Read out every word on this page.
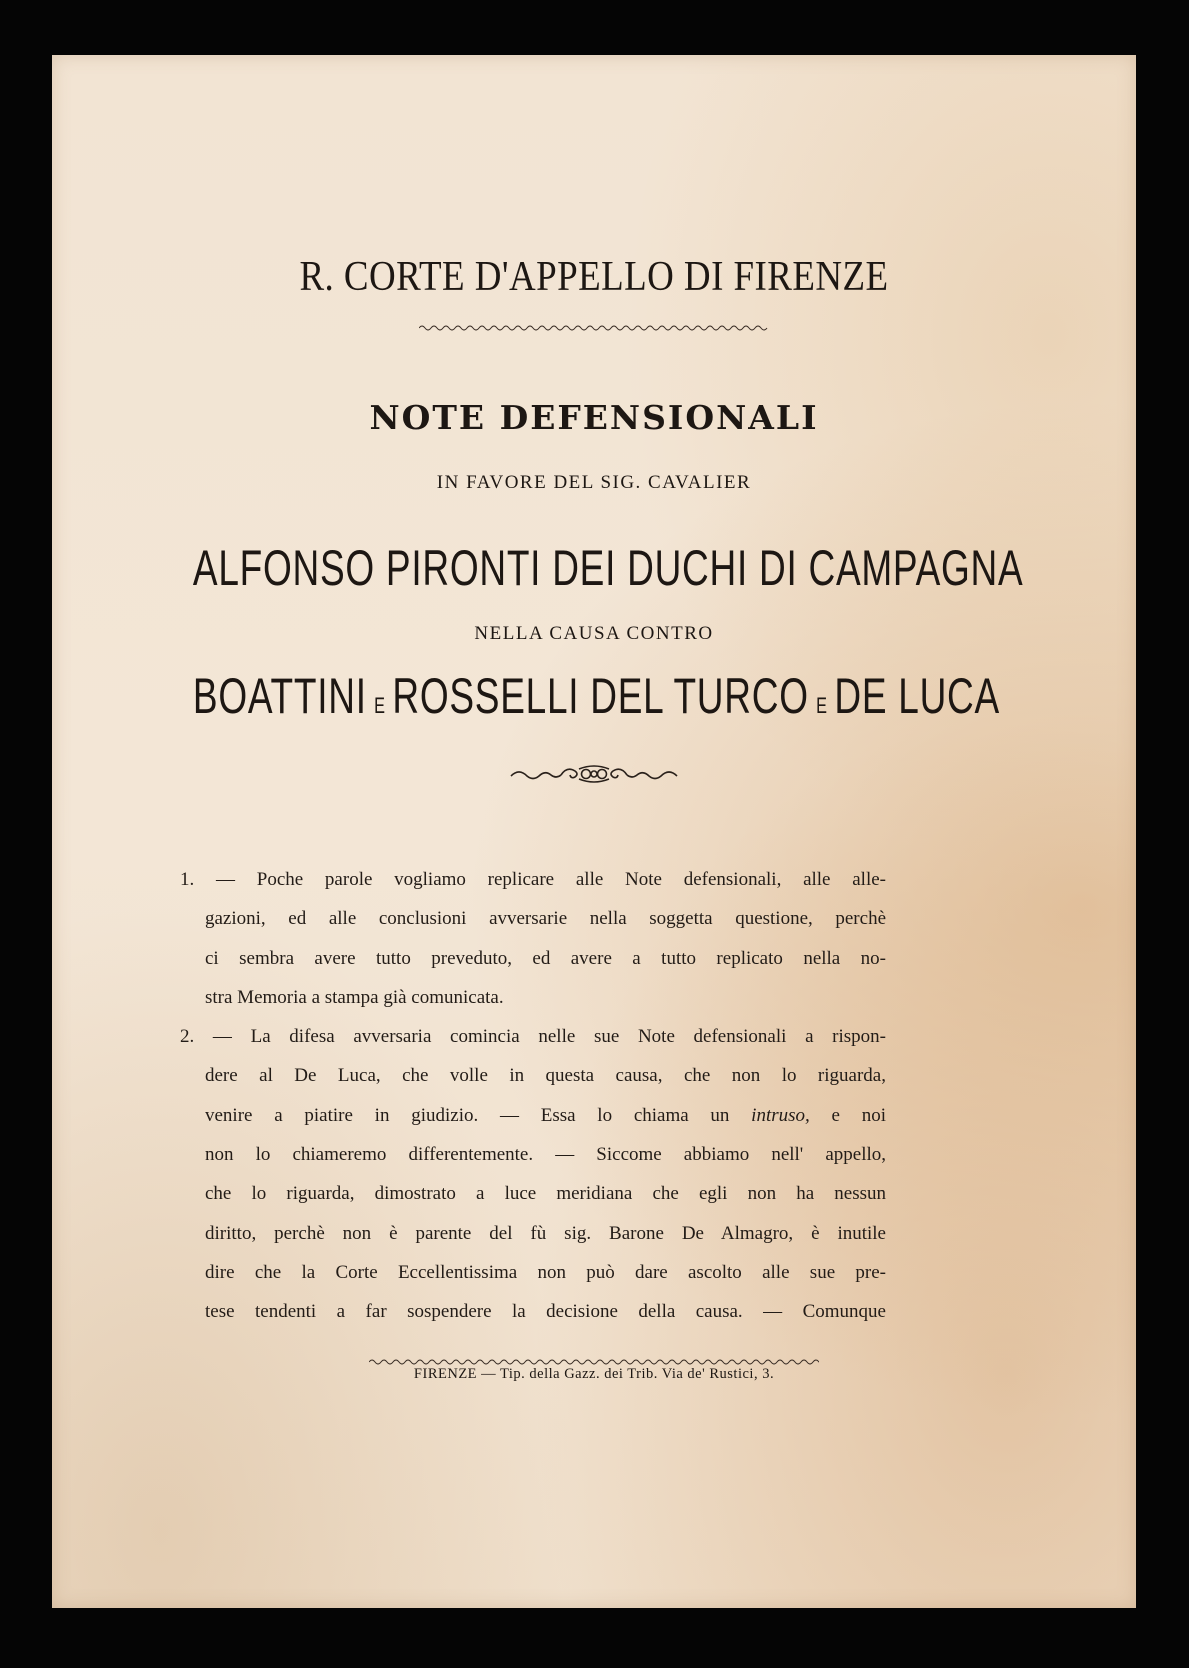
R. CORTE D'APPELLO DI FIRENZE
NOTE DEFENSIONALI
IN FAVORE DEL SIG. CAVALIER
ALFONSO PIRONTI DEI DUCHI DI CAMPAGNA
NELLA CAUSA CONTRO
BOATTINI E ROSSELLI DEL TURCO E DE LUCA
1. — Poche parole vogliamo replicare alle Note defensionali, alle alle-
gazioni, ed alle conclusioni avversarie nella soggetta questione, perchè
ci sembra avere tutto preveduto, ed avere a tutto replicato nella no-
stra Memoria a stampa già comunicata.
2. — La difesa avversaria comincia nelle sue Note defensionali a rispon-
dere al De Luca, che volle in questa causa, che non lo riguarda,
venire a piatire in giudizio. — Essa lo chiama un intruso, e noi
non lo chiameremo differentemente. — Siccome abbiamo nell' appello,
che lo riguarda, dimostrato a luce meridiana che egli non ha nessun
diritto, perchè non è parente del fù sig. Barone De Almagro, è inutile
dire che la Corte Eccellentissima non può dare ascolto alle sue pre-
tese tendenti a far sospendere la decisione della causa. — Comunque
FIRENZE — Tip. della Gazz. dei Trib. Via de' Rustici, 3.
